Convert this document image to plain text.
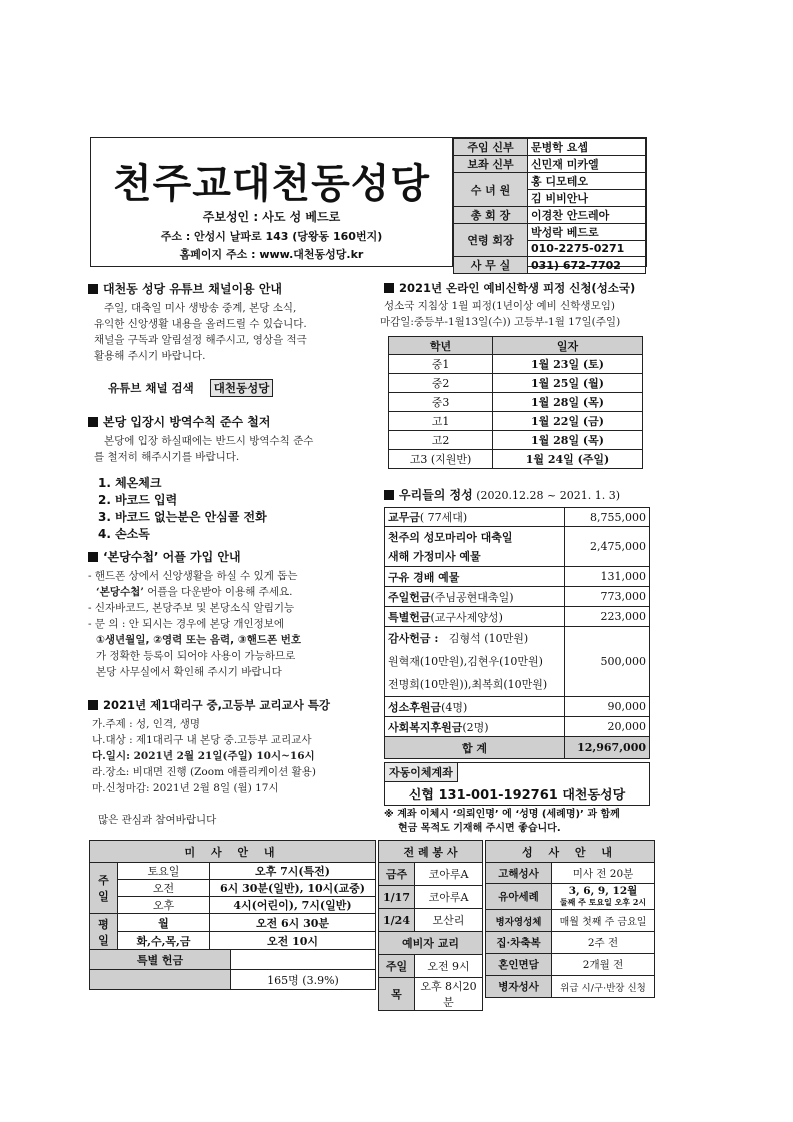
천주교대천동성당
주보성인 : 사도 성 베드로
주소 : 안성시 날파로 143 (당왕동 160번지)
홈페이지 주소 : www.대천동성당.kr
주임 신부	문병학 요셉
보좌 신부	신민재 미카엘
수 녀 원	홍 디모테오
	김 비비안나
총 회 장	이경찬 안드레아
연령 회장	박성락 베드로
	010-2275-0271
사 무 실	031) 672-7702
대천동 성당 유튜브 채널이용 안내
주일, 대축일 미사 생방송 중계, 본당 소식,
유익한 신앙생활 내용을 올려드릴 수 있습니다.
채널을 구독과 알림설정 해주시고, 영상을 적극
활용해 주시기 바랍니다.
유튜브 채널 검색 대천동성당
본당 입장시 방역수칙 준수 철저
본당에 입장 하실때에는 반드시 방역수칙 준수
를 철저히 해주시기를 바랍니다.
1. 체온체크
2. 바코드 입력
3. 바코드 없는분은 안심콜 전화
4. 손소독
‘본당수첩’ 어플 가입 안내
- 핸드폰 상에서 신앙생활을 하실 수 있게 돕는
‘본당수첩’ 어플을 다운받아 이용해 주세요.
- 신자바코드, 본당주보 및 본당소식 알림기능
- 문 의 : 안 되시는 경우에 본당 개인정보에
①생년월일, ②영력 또는 음력, ③핸드폰 번호
가 정확한 등록이 되어야 사용이 가능하므로
본당 사무실에서 확인해 주시기 바랍니다
2021년 제1대리구 중,고등부 교리교사 특강
가.주제 : 성, 인격, 생명
나.대상 : 제1대리구 내 본당 중.고등부 교리교사
다.일시: 2021년 2월 21일(주일) 10시~16시
라.장소: 비대면 진행 (Zoom 애플리케이션 활용)
마.신청마감: 2021년 2월 8일 (월) 17시
많은 관심과 참여바랍니다
2021년 온라인 예비신학생 피정 신청(성소국)
성소국 지침상 1월 피정(1년이상 예비 신학생모임)
마감일:중등부-1월13일(수)) 고등부-1월 17일(주일)
학년	일자
중1	1월 23일 (토)
중2	1월 25일 (월)
중3	1월 28일 (목)
고1	1월 22일 (금)
고2	1월 28일 (목)
고3 (지원반)	1월 24일 (주일)
우리들의 정성 (2020.12.28 ~ 2021. 1. 3)
교무금( 77세대)	8,755,000

천주의 성모마리아 대축일
새해 가정미사 예물	2,475,000
구유 경배 예물	131,000
주일헌금(주님공현대축일)	773,000
특별헌금(교구사제양성)	223,000

감사헌금 : 김형석 (10만원)
원혁재(10만원),김현우(10만원)
전명희(10만원)),최복희(10만원)	500,000
성소후원금(4명)	90,000
사회복지후원금(2명)	20,000
합 계	12,967,000
자동이체계좌
신협 131-001-192761 대천동성당
※ 계좌 이체시 ‘의뢰인명’ 에 ‘성명 (세례명)’ 과 함께
현금 목적도 기재해 주시면 좋습니다.
미 사 안 내			
주일	토요일	오후 7시(특전)	
	오전	6시 30분(일반), 10시(교중)	
	오후	4시(어린이), 7시(일반)	
평일	월	오전 6시 30분	
	화,수,목,금	오전 10시	
특별 헌금			
			165명 (3.9%)
전 례 봉 사	
금주	코아루A
1/17	코아루A
1/24	모산리
예비자 교리	
주일	오전 9시
목	오후 8시20분
성 사 안 내	
고해성사	미사 전 20분
유아세례	3, 6, 9, 12월
둘째 주 토요일 오후 2시

병자영성체	매월 첫째 주 금요일
집·차축복	2주 전
혼인면담	2개월 전
병자성사	위급 시/구·반장 신청
